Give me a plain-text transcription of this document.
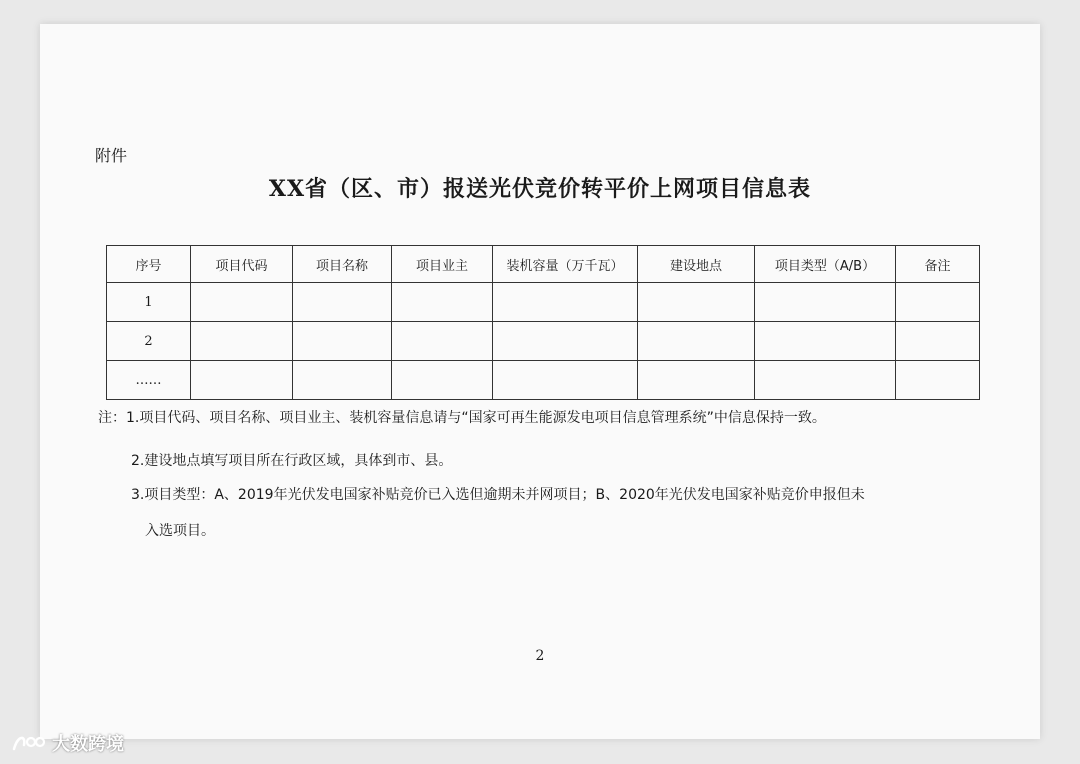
附件
XX省（区、市）报送光伏竞价转平价上网项目信息表
序号	项目代码	项目名称	项目业主	装机容量（万千瓦）	建设地点	项目类型（A/B）	备注
1							
2							
……							
注：1.项目代码、项目名称、项目业主、装机容量信息请与“国家可再生能源发电项目信息管理系统”中信息保持一致。
2.建设地点填写项目所在行政区域，具体到市、县。
3.项目类型：A、2019年光伏发电国家补贴竞价已入选但逾期未并网项目；B、2020年光伏发电国家补贴竞价申报但未
入选项目。
2
大数跨境
